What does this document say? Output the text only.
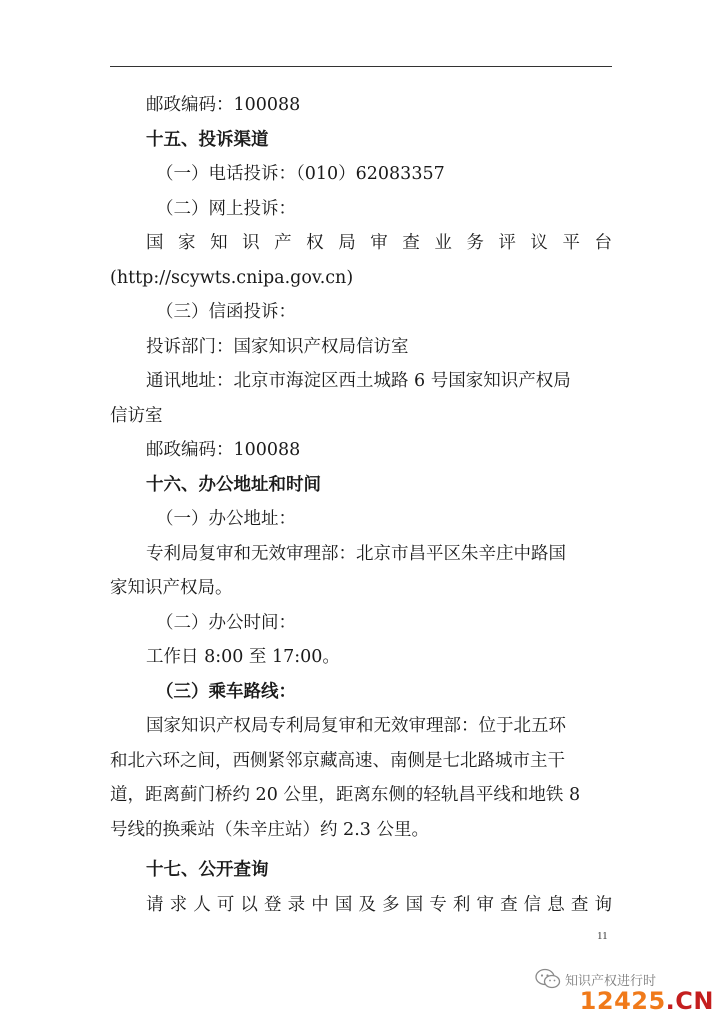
邮政编码：100088
十五、投诉渠道
（一）电话投诉：（010）62083357
（二）网上投诉：
国家知识产权局审查业务评议平台
(http://scywts.cnipa.gov.cn)
（三）信函投诉：
投诉部门：国家知识产权局信访室
通讯地址：北京市海淀区西土城路 6 号国家知识产权局
信访室
邮政编码：100088
十六、办公地址和时间
（一）办公地址：
专利局复审和无效审理部：北京市昌平区朱辛庄中路国
家知识产权局。
（二）办公时间：
工作日 8:00 至 17:00。
（三）乘车路线：
国家知识产权局专利局复审和无效审理部：位于北五环
和北六环之间，西侧紧邻京藏高速、南侧是七北路城市主干
道，距离蓟门桥约 20 公里，距离东侧的轻轨昌平线和地铁 8
号线的换乘站（朱辛庄站）约 2.3 公里。
十七、公开查询
请求人可以登录中国及多国专利审查信息查询
11
知识产权进行时
12425.CN
